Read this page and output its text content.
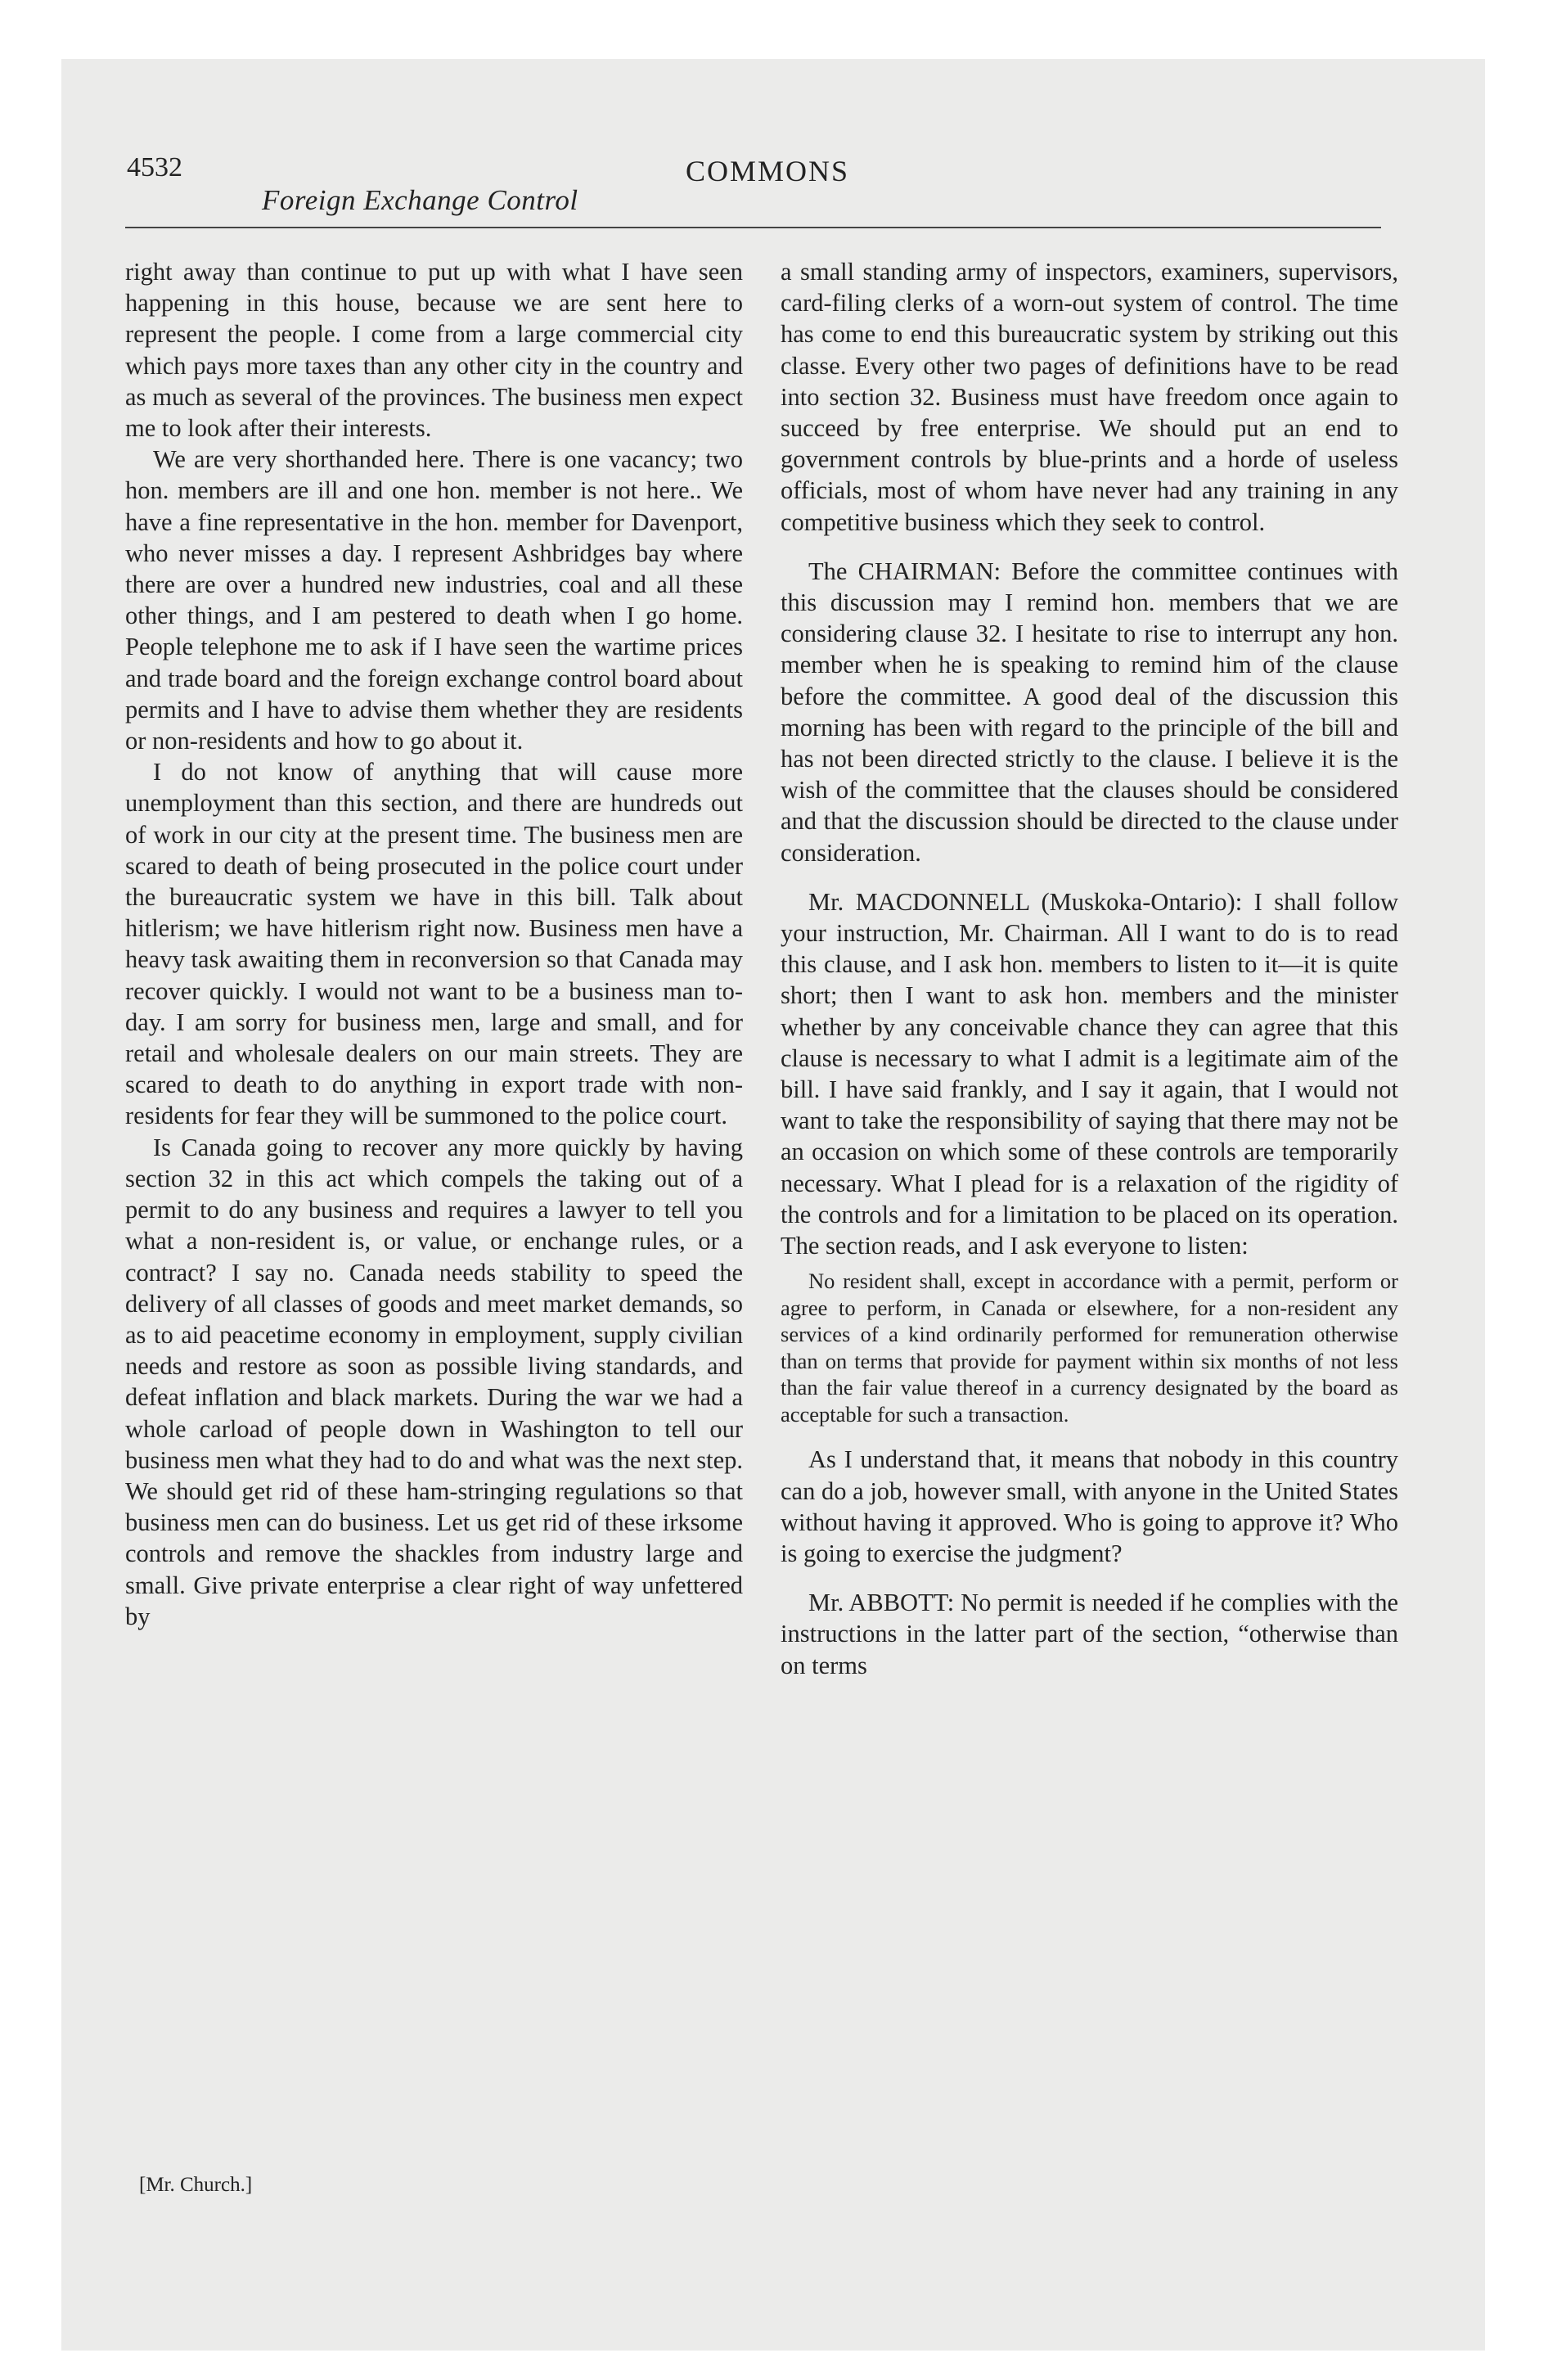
4532

Foreign Exchange Control

COMMONS

right away than continue to put up with what I have seen happening in this house, because we are sent here to represent the people. I come from a large commercial city which pays more taxes than any other city in the country and as much as several of the provinces. The business men expect me to look after their interests.

We are very shorthanded here. There is one vacancy; two hon. members are ill and one hon. member is not here.. We have a fine representative in the hon. member for Davenport, who never misses a day. I represent Ashbridges bay where there are over a hundred new industries, coal and all these other things, and I am pestered to death when I go home. People telephone me to ask if I have seen the wartime prices and trade board and the foreign exchange control board about permits and I have to advise them whether they are residents or non-residents and how to go about it.

I do not know of anything that will cause more unemployment than this section, and there are hundreds out of work in our city at the present time. The business men are scared to death of being prosecuted in the police court under the bureaucratic system we have in this bill. Talk about hitlerism; we have hitlerism right now. Business men have a heavy task awaiting them in reconversion so that Canada may recover quickly. I would not want to be a business man to-day. I am sorry for business men, large and small, and for retail and wholesale dealers on our main streets. They are scared to death to do anything in export trade with non-residents for fear they will be summoned to the police court.

Is Canada going to recover any more quickly by having section 32 in this act which compels the taking out of a permit to do any business and requires a lawyer to tell you what a non-resident is, or value, or enchange rules, or a contract? I say no. Canada needs stability to speed the delivery of all classes of goods and meet market demands, so as to aid peacetime economy in employment, supply civilian needs and restore as soon as possible living standards, and defeat inflation and black markets. During the war we had a whole carload of people down in Washington to tell our business men what they had to do and what was the next step. We should get rid of these ham-stringing regulations so that business men can do business. Let us get rid of these irksome controls and remove the shackles from industry large and small. Give private enterprise a clear right of way unfettered by

[Mr. Church.]

a small standing army of inspectors, examiners, supervisors, card-filing clerks of a worn-out system of control. The time has come to end this bureaucratic system by striking out this classe. Every other two pages of definitions have to be read into section 32. Business must have freedom once again to succeed by free enterprise. We should put an end to government controls by blue-prints and a horde of useless officials, most of whom have never had any training in any competitive business which they seek to control.

The CHAIRMAN: Before the committee continues with this discussion may I remind hon. members that we are considering clause 32. I hesitate to rise to interrupt any hon. member when he is speaking to remind him of the clause before the committee. A good deal of the discussion this morning has been with regard to the principle of the bill and has not been directed strictly to the clause. I believe it is the wish of the committee that the clauses should be considered and that the discussion should be directed to the clause under consideration.

Mr. MACDONNELL (Muskoka-Ontario): I shall follow your instruction, Mr. Chairman. All I want to do is to read this clause, and I ask hon. members to listen to it—it is quite short; then I want to ask hon. members and the minister whether by any conceivable chance they can agree that this clause is necessary to what I admit is a legitimate aim of the bill. I have said frankly, and I say it again, that I would not want to take the responsibility of saying that there may not be an occasion on which some of these controls are temporarily necessary. What I plead for is a relaxation of the rigidity of the controls and for a limitation to be placed on its operation. The section reads, and I ask everyone to listen:

No resident shall, except in accordance with a permit, perform or agree to perform, in Canada or elsewhere, for a non-resident any services of a kind ordinarily performed for remuneration otherwise than on terms that provide for payment within six months of not less than the fair value thereof in a currency designated by the board as acceptable for such a transaction.

As I understand that, it means that nobody in this country can do a job, however small, with anyone in the United States without having it approved. Who is going to approve it? Who is going to exercise the judgment?

Mr. ABBOTT: No permit is needed if he complies with the instructions in the latter part of the section, “otherwise than on terms
